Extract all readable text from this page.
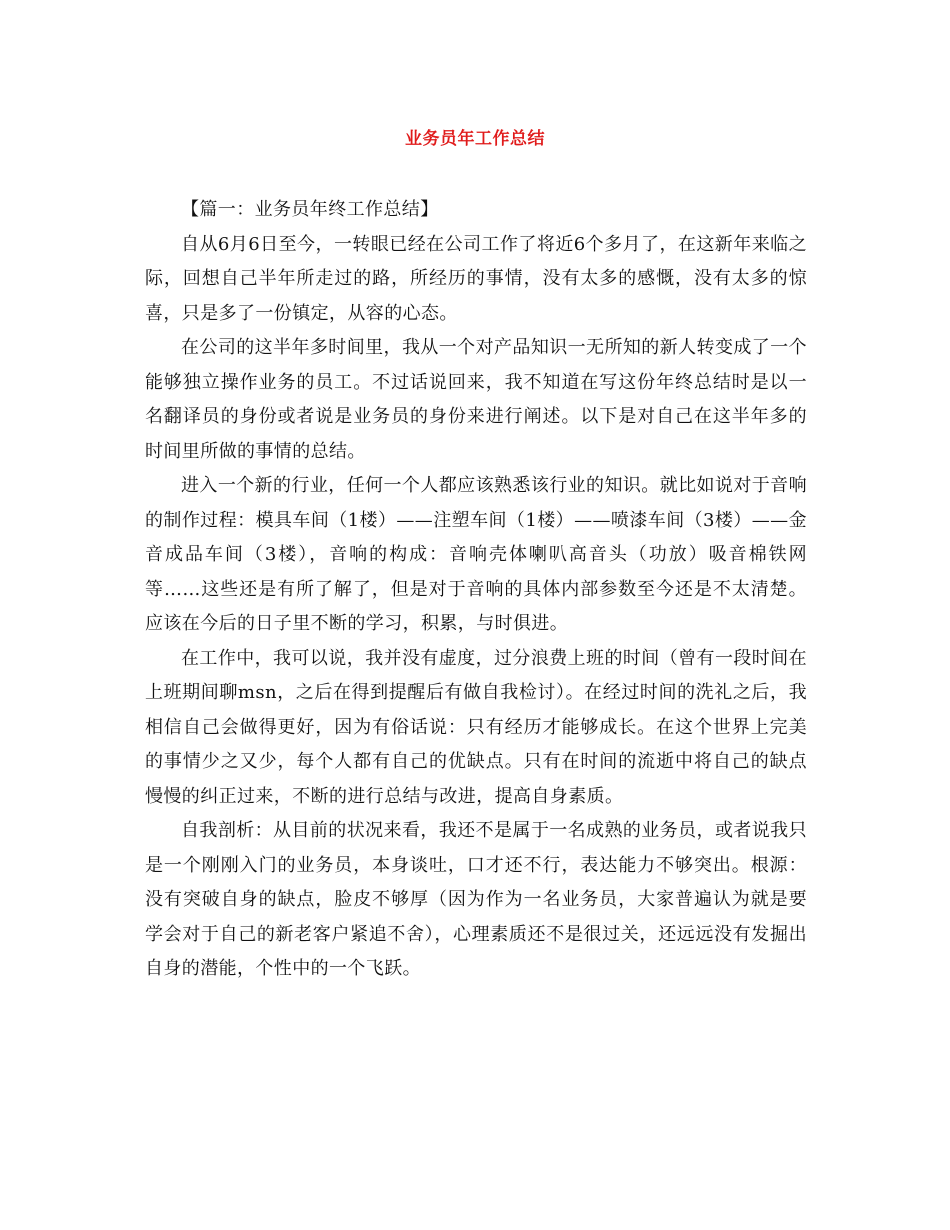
业务员年工作总结

【篇一：业务员年终工作总结】

自从6月6日至今，一转眼已经在公司工作了将近6个多月了，在这新年来临之际，回想自己半年所走过的路，所经历的事情，没有太多的感慨，没有太多的惊喜，只是多了一份镇定，从容的心态。

在公司的这半年多时间里，我从一个对产品知识一无所知的新人转变成了一个能够独立操作业务的员工。不过话说回来，我不知道在写这份年终总结时是以一名翻译员的身份或者说是业务员的身份来进行阐述。以下是对自己在这半年多的时间里所做的事情的总结。

进入一个新的行业，任何一个人都应该熟悉该行业的知识。就比如说对于音响的制作过程：模具车间（1楼）——注塑车间（1楼）——喷漆车间（3楼）——金音成品车间（3楼），音响的构成：音响壳体喇叭高音头（功放）吸音棉铁网等……这些还是有所了解了，但是对于音响的具体内部参数至今还是不太清楚。应该在今后的日子里不断的学习，积累，与时俱进。

在工作中，我可以说，我并没有虚度，过分浪费上班的时间（曾有一段时间在上班期间聊msn，之后在得到提醒后有做自我检讨）。在经过时间的洗礼之后，我相信自己会做得更好，因为有俗话说：只有经历才能够成长。在这个世界上完美的事情少之又少，每个人都有自己的优缺点。只有在时间的流逝中将自己的缺点慢慢的纠正过来，不断的进行总结与改进，提高自身素质。

自我剖析：从目前的状况来看，我还不是属于一名成熟的业务员，或者说我只是一个刚刚入门的业务员，本身谈吐，口才还不行，表达能力不够突出。根源：没有突破自身的缺点，脸皮不够厚（因为作为一名业务员，大家普遍认为就是要学会对于自己的新老客户紧追不舍），心理素质还不是很过关，还远远没有发掘出自身的潜能，个性中的一个飞跃。
